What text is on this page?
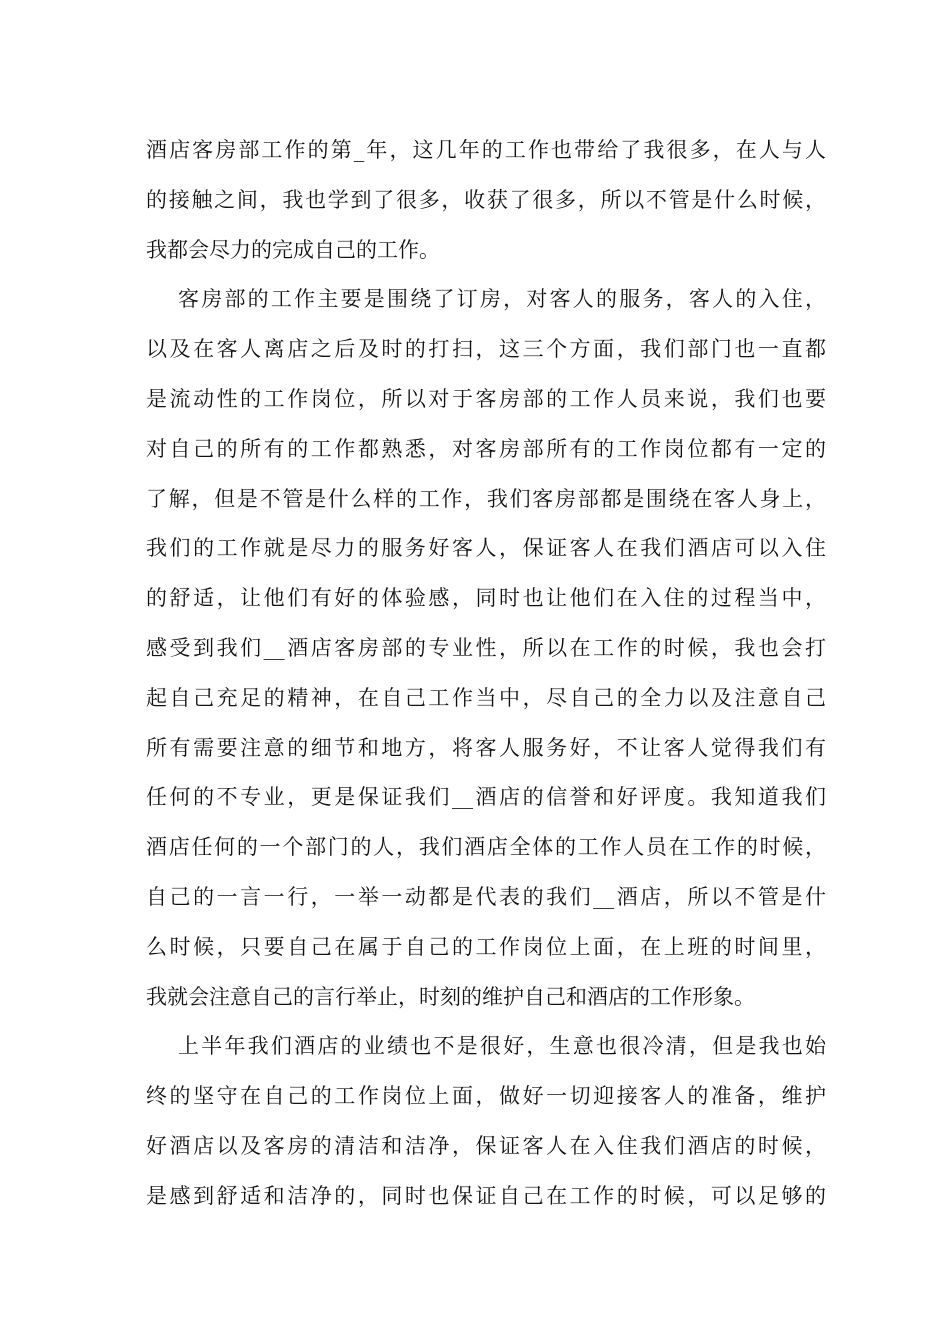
酒店客房部工作的第_年，这几年的工作也带给了我很多，在人与人
的接触之间，我也学到了很多，收获了很多，所以不管是什么时候，
我都会尽力的完成自己的工作。
客房部的工作主要是围绕了订房，对客人的服务，客人的入住，
以及在客人离店之后及时的打扫，这三个方面，我们部门也一直都
是流动性的工作岗位，所以对于客房部的工作人员来说，我们也要
对自己的所有的工作都熟悉，对客房部所有的工作岗位都有一定的
了解，但是不管是什么样的工作，我们客房部都是围绕在客人身上，
我们的工作就是尽力的服务好客人，保证客人在我们酒店可以入住
的舒适，让他们有好的体验感，同时也让他们在入住的过程当中，
感受到我们__酒店客房部的专业性，所以在工作的时候，我也会打
起自己充足的精神，在自己工作当中，尽自己的全力以及注意自己
所有需要注意的细节和地方，将客人服务好，不让客人觉得我们有
任何的不专业，更是保证我们__酒店的信誉和好评度。我知道我们
酒店任何的一个部门的人，我们酒店全体的工作人员在工作的时候，
自己的一言一行，一举一动都是代表的我们__酒店，所以不管是什
么时候，只要自己在属于自己的工作岗位上面，在上班的时间里，
我就会注意自己的言行举止，时刻的维护自己和酒店的工作形象。
上半年我们酒店的业绩也不是很好，生意也很冷清，但是我也始
终的坚守在自己的工作岗位上面，做好一切迎接客人的准备，维护
好酒店以及客房的清洁和洁净，保证客人在入住我们酒店的时候，
是感到舒适和洁净的，同时也保证自己在工作的时候，可以足够的
